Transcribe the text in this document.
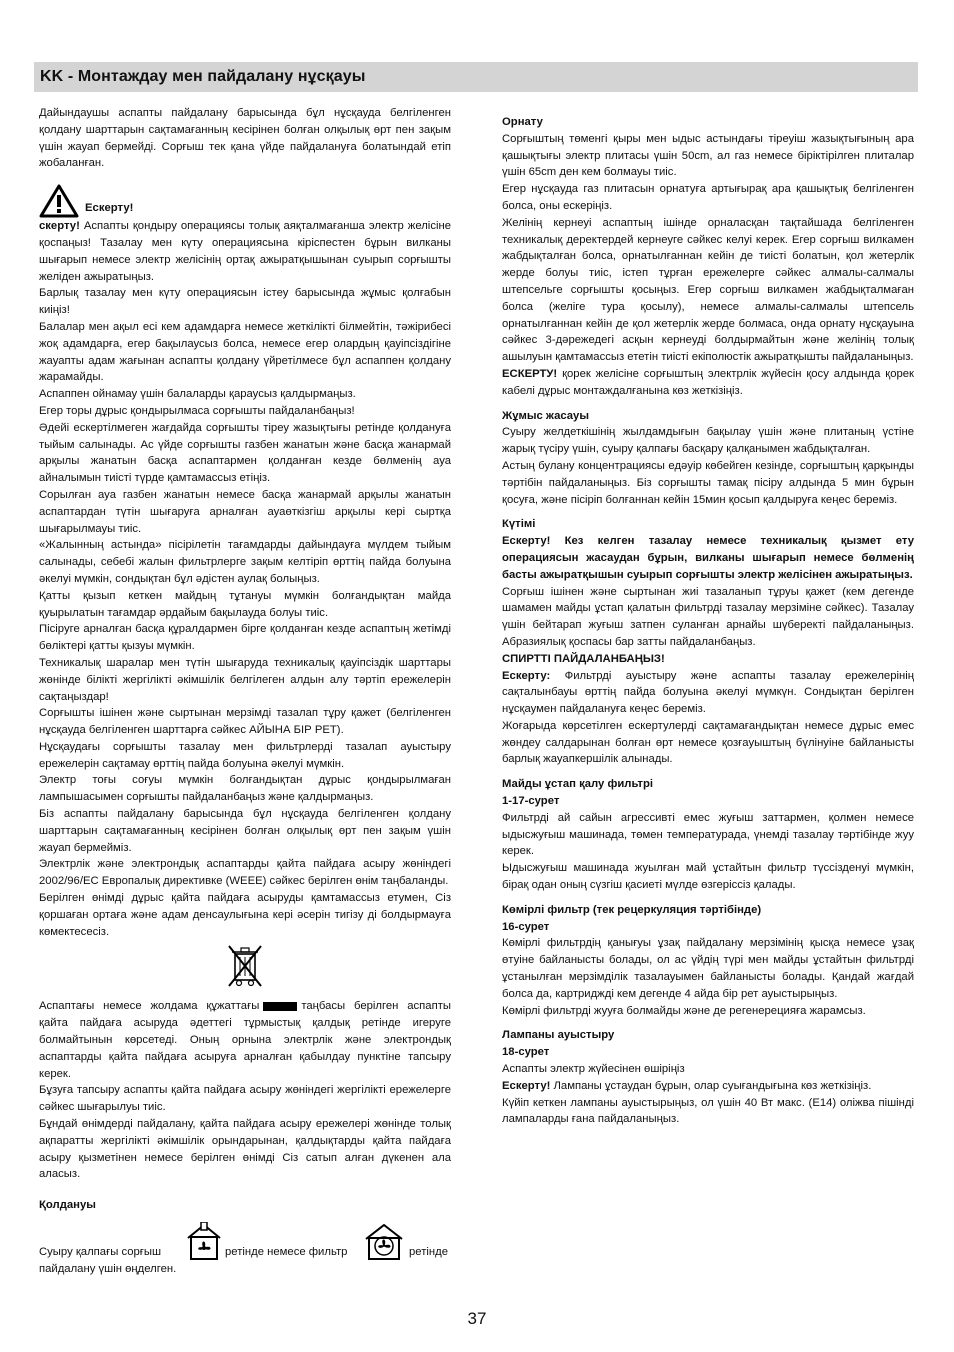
KK - Монтаждау мен пайдалану нұсқауы

Дайындаушы аспапты пайдалану барысында бұл нұсқауда белгіленген қолдану шарттарын сақтамағанның кесірінен болған олқылық өрт пен зақым үшін жауап бермейді. Сорғыш тек қана үйде пайдалануға болатындай етіп жобаланған.

Ескерту!

скерту! Аспапты қондыру операциясы толық аяқталмағанша электр желісіне қоспаңыз! Тазалау мен күту операциясына кіріспестен бұрын вилканы шығарып немесе электр желісінің ортақ ажыратқышынан суырып сорғышты желіден ажыратыңыз.

Барлық тазалау мен күту операциясын істеу барысында жұмыс қолғабын киіңіз!

Балалар мен ақыл есі кем адамдарға немесе жеткілікті білмейтін, тәжірибесі жоқ адамдарға, егер бақылаусыз болса, немесе егер олардың қауіпсіздігіне жауапты адам жағынан аспапты қолдану үйретілмесе бұл аспаппен қолдану жарамайды.

Аспаппен ойнамау үшін балаларды қараусыз қалдырмаңыз.

Егер торы дұрыс қондырылмаса сорғышты пайдаланбаңыз!

Әдейі ескертілмеген жағдайда сорғышты тіреу жазықтығы ретінде қолдануға тыйым салынады. Ас үйде сорғышты газбен жанатын және басқа жанармай арқылы жанатын басқа аспаптармен қолданған кезде бөлменің ауа айналымын тиісті түрде қамтамассыз етіңіз.

Сорылған ауа газбен жанатын немесе басқа жанармай арқылы жанатын аспаптардан түтін шығаруға арналған ауаөткізгіш арқылы кері сыртқа шығарылмауы тиіс.

«Жалынның астында» пісірілетін тағамдарды дайындауға мүлдем тыйым салынады, себебі жалын фильтрлерге зақым келтіріп өрттің пайда болуына әкелуі мүмкін, сондықтан бұл әдістен аулақ болыңыз.

Қатты қызып кеткен майдың тұтануы мүмкін болғандықтан майда қуырылатын тағамдар әрдайым бақылауда болуы тиіс.

Пісіруге арналған басқа құралдармен бірге қолданған кезде аспаптың жетімді бөліктері қатты қызуы мүмкін.

Техникалық шаралар мен түтін шығаруда техникалық қауіпсіздік шарттары жөнінде білікті жергілікті әкімшілік белгілеген алдын алу тәртіп ережелерін сақтаңыздар!

Сорғышты ішінен және сыртынан мерзімді тазалап тұру қажет (белгіленген нұсқауда белгіленген шарттарға сәйкес АЙЫНА БІР РЕТ).

Нұсқаудағы сорғышты тазалау мен фильтрлерді тазалап ауыстыру ережелерін сақтамау өрттің пайда болуына әкелуі мүмкін.

Электр тоғы соғуы мүмкін болғандықтан дұрыс қондырылмаған лампышасымен сорғышты пайдаланбаңыз және қалдырмаңыз.

Біз аспапты пайдалану барысында бұл нұсқауда белгіленген қолдану шарттарын сақтамағанның кесірінен болған олқылық өрт пен зақым үшін жауап бермейміз.

Электрлік және электрондық аспаптарды қайта пайдаға асыру жөніндегі 2002/96/ЕС Европалық директивке (WEEE) сәйкес берілген өнім таңбаланды.

Берілген өнімді дұрыс қайта пайдаға асыруды қамтамассыз етумен, Сіз қоршаған ортаға және адам денсаулығына кері әсерін тигізу ді болдырмауға көмектесесіз.

Аспаптағы немесе жолдама құжаттағы	таңбасы берілген аспапты қайта пайдаға асыруда әдеттегі тұрмыстық қалдық ретінде игеруге болмайтынын көрсетеді. Оның орнына электрлік және электрондық аспаптарды қайта пайдаға асыруға арналған қабылдау пунктіне тапсыру керек.

Бұзуға тапсыру аспапты қайта пайдаға асыру жөніндегі жергілікті ережелерге сәйкес шығарылуы тиіс.

Бұндай өнімдерді пайдалану, қайта пайдаға асыру ережелері жөнінде толық ақпаратты жергілікті әкімшілік орындарынан, қалдықтарды қайта пайдаға асыру қызметінен немесе берілген өнімді Сіз сатып алған дүкенен ала аласыз.

Қолдануы
Суыру қалпағы сорғыш	ретінде немесе фильтр	ретінде
пайдалану үшін өңделген.
Орнату

Сорғыштың төменгі қыры мен ыдыс астындағы тіреуіш жазықтығының ара қашықтығы электр плитасы үшін 50cm, ал газ немесе біріктірілген плиталар үшін 65cm ден кем болмауы тиіс.

Егер нұсқауда газ плитасын орнатуға артығырақ ара қашықтық белгіленген болса, оны ескеріңіз.

Желінің кернеуі аспаптың ішінде орналасқан тақтайшада белгіленген техникалық деректердей кернеуге сәйкес келуі керек. Егер сорғыш вилкамен жабдықталған болса, орнатылғаннан кейін де тиісті болатын, қол жетерлік жерде болуы тиіс, істеп тұрған ережелерге сәйкес алмалы-салмалы штепсельге сорғышты қосыңыз. Егер сорғыш вилкамен жабдықталмаған болса (желіге тура қосылу), немесе алмалы-салмалы штепсель орнатылғаннан кейін де қол жетерлік жерде болмаса, онда орнату нұсқауына сәйкес 3-дәрежедегі асқын кернеуді болдырмайтын және желінің толық ашылуын қамтамассыз ететін тиісті екіполюстік ажыратқышты пайдаланыңыз.

ЕСКЕРТУ! қорек желісіне сорғыштың электрлік жүйесін қосу алдында қорек кабелі дұрыс монтаждалғанына көз жеткізіңіз.

Жұмыс жасауы

Суыру желдеткішінің жылдамдығын бақылау үшін және плитаның үстіне жарық түсіру үшін, суыру қалпағы басқару қалқанымен жабдықталған.

Астың булану концентрациясы едәуір көбейген кезінде, сорғыштың қарқынды тәртібін пайдаланыңыз. Біз сорғышты тамақ пісіру алдында 5 мин бұрын қосуға, және пісіріп болғаннан кейін 15мин қосып қалдыруға кеңес береміз.

Күтімі

Ескерту! Кез келген тазалау немесе техникалық қызмет ету операциясын жасаудан бұрын, вилканы шығарып немесе бөлменің басты ажыратқышын суырып сорғышты электр желісінен ажыратыңыз.

Сорғыш ішінен және сыртынан жиі тазаланып тұруы қажет (кем дегенде шамамен майды ұстап қалатын фильтрді тазалау мерзіміне сәйкес). Тазалау үшін бейтарап жуғыш затпен суланған арнайы шүберекті пайдаланыңыз. Абразиялық қоспасы бар затты пайдаланбаңыз.

СПИРТТІ ПАЙДАЛАНБАҢЫЗ!

Ескерту: Фильтрді ауыстыру және аспапты тазалау ережелерінің сақталынбауы өрттің пайда болуына әкелуі мүмкүн. Сондықтан берілген нұсқаумен пайдалануға кеңес береміз.

Жоғарыда көрсетілген ескертулерді сақтамағандықтан немесе дұрыс емес жөндеу салдарынан болған өрт немесе қозғауыштың бүлінуіне байланысты барлық жауапкершілік алынады.

Майды ұстап қалу фильтрі
1-17-сурет

Фильтрді ай сайын агрессивті емес жуғыш заттармен, қолмен немесе ыдысжуғыш машинада, төмен температурада, үнемді тазалау тәртібінде жуу керек.

Ыдысжуғыш машинада жуылған май ұстайтын фильтр түссізденуі мүмкін, бірақ одан оның сүзгіш қасиеті мүлде өзгеріссіз қалады.

Көмірлі фильтр (тек рецеркуляция тәртібінде)
16-сурет

Көмірлі фильтрдің қанығуы ұзақ пайдалану мерзімінің қысқа немесе ұзақ өтуіне байланысты болады, ол ас үйдің түрі мен майды ұстайтын фильтрді ұстанылған мерзімділік тазалауымен байланысты болады. Қандай жағдай болса да, картриджді кем дегенде 4 айда бір рет ауыстырыңыз.

Көмірлі фильтрді жууға болмайды және де регенерецияға жарамсыз.

Лампаны ауыстыру
18-сурет

Аспапты электр жүйесінен өшіріңіз

Ескерту! Лампаны ұстаудан бұрын, олар суығандығына көз жеткізіңіз.

Күйіп кеткен лампаны ауыстырыңыз, ол үшін 40 Вт макс. (Е14) оліжва пішінді лампаларды ғана пайдаланыңыз.

37
